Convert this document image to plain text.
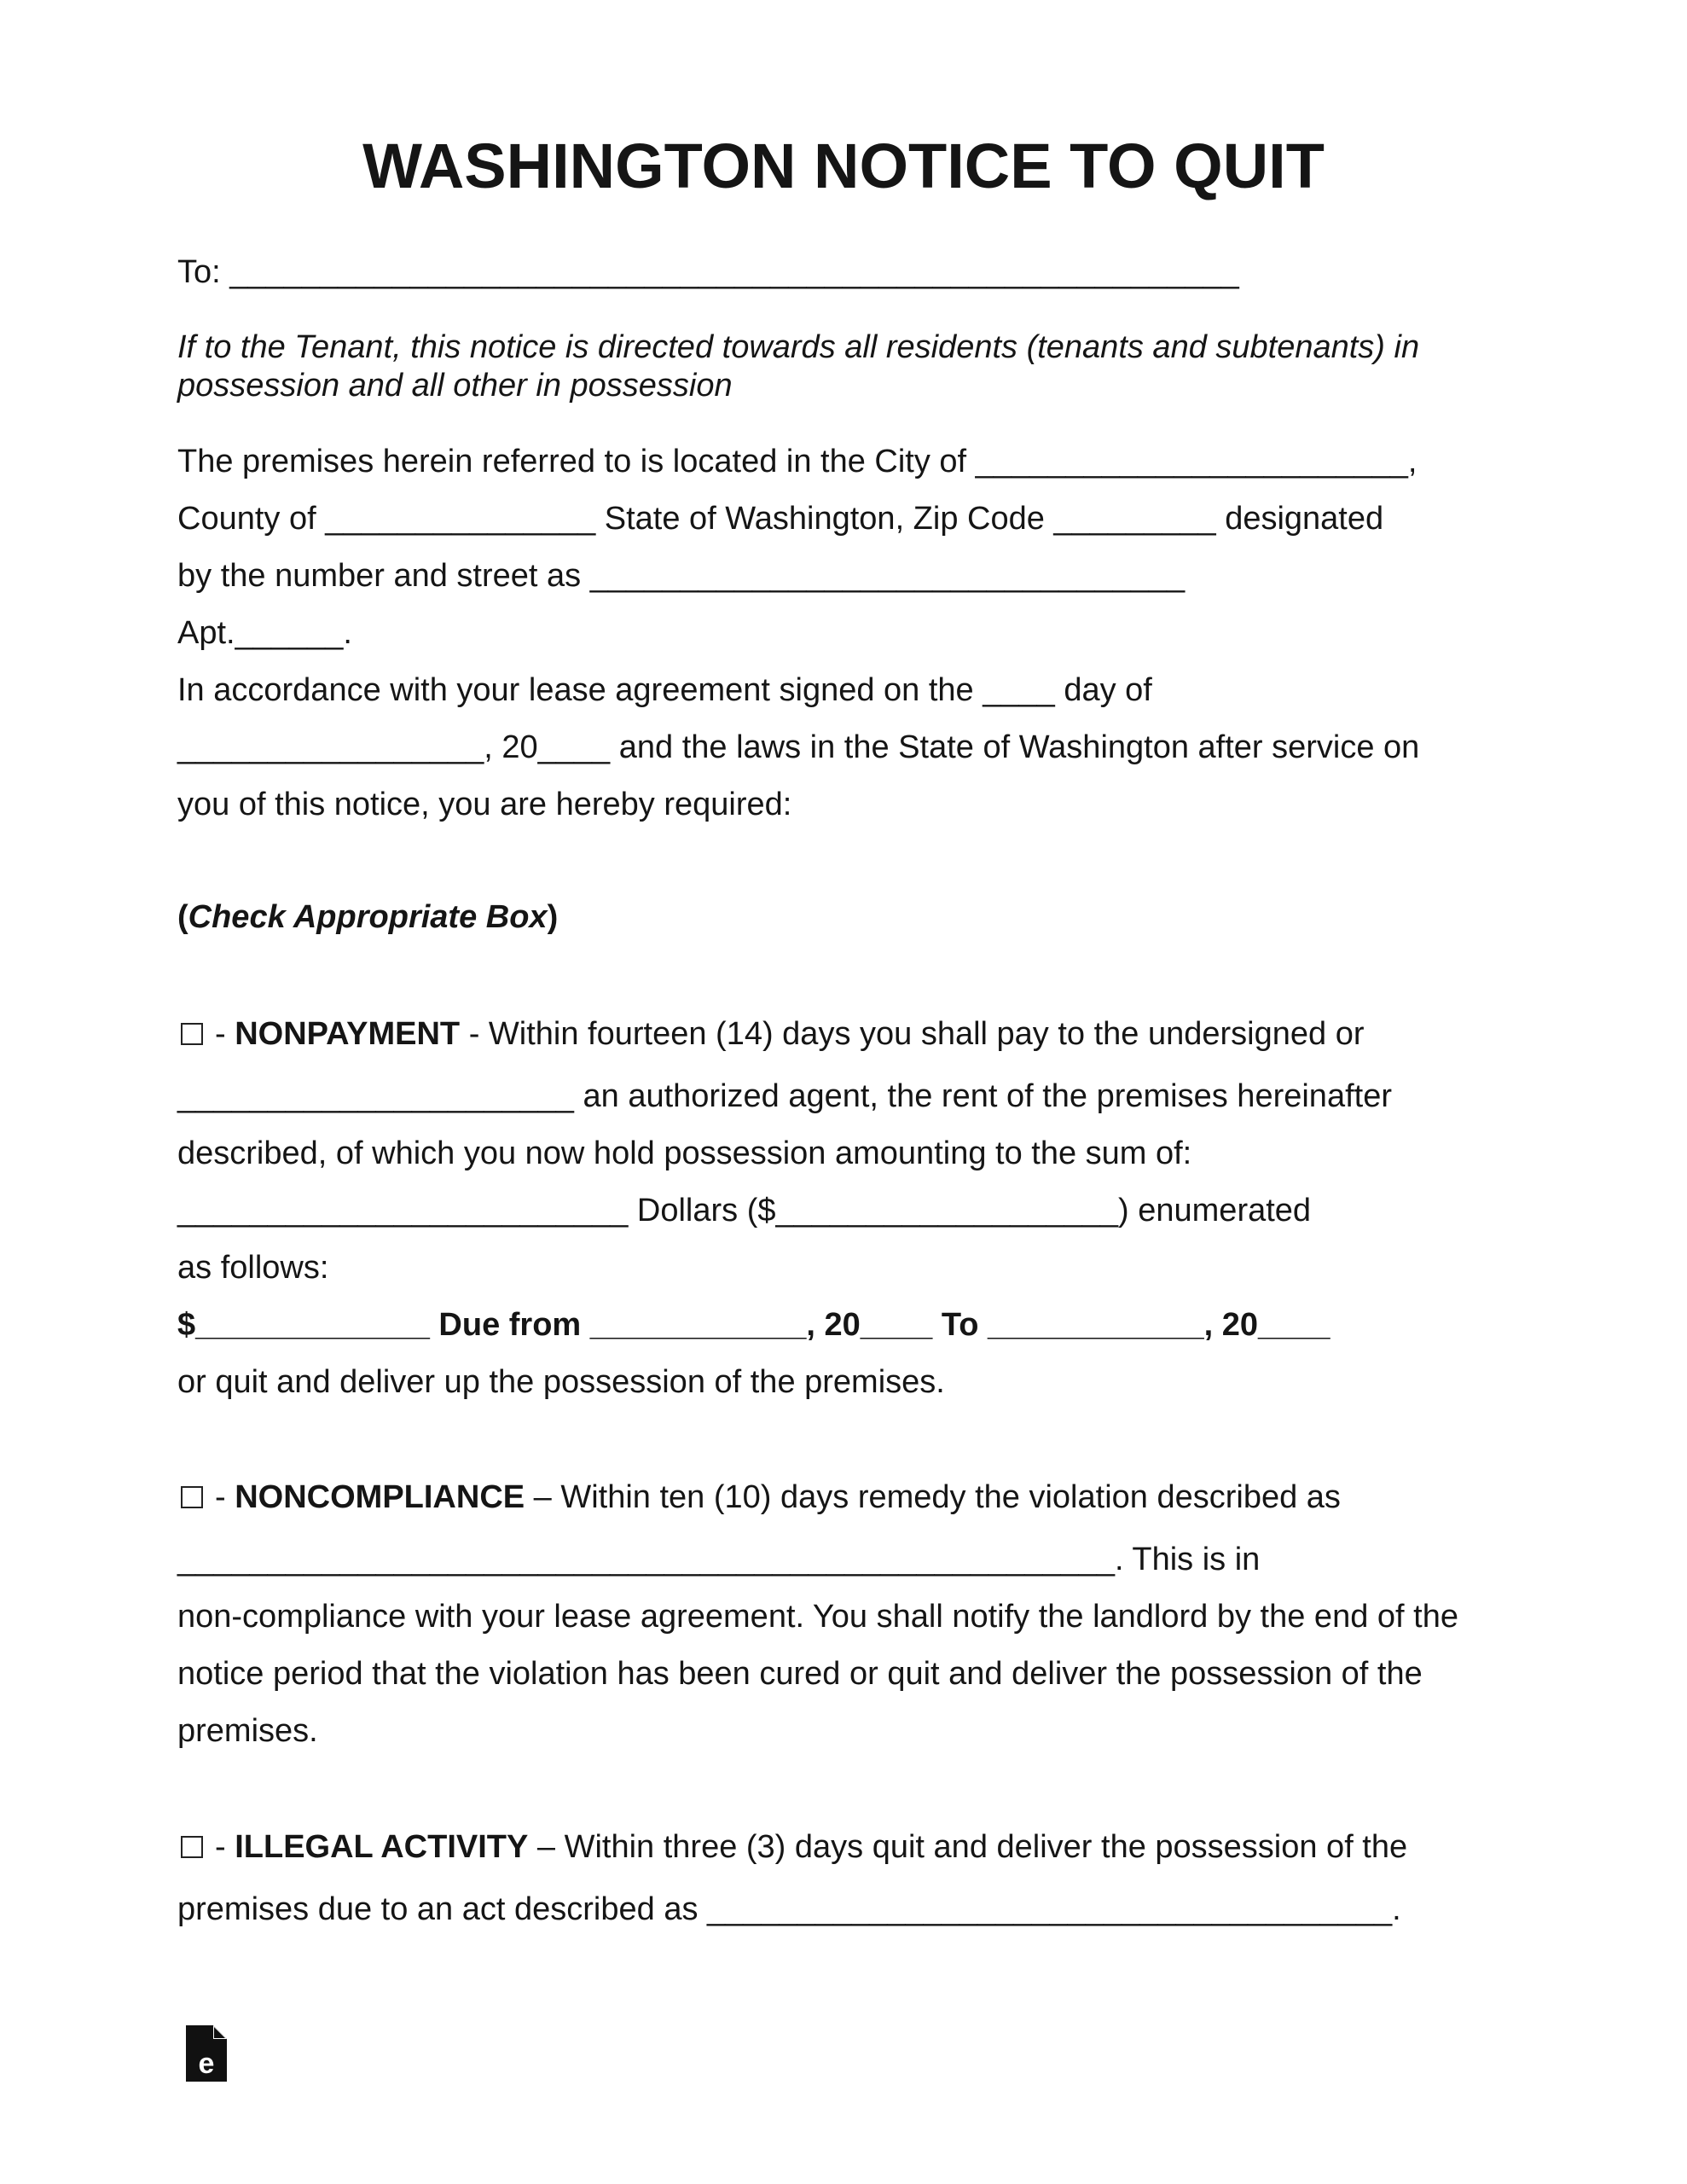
WASHINGTON NOTICE TO QUIT

To: ________________________________________________________

If to the Tenant, this notice is directed towards all residents (tenants and subtenants) in

possession and all other in possession

The premises herein referred to is located in the City of ________________________,

County of _______________ State of Washington, Zip Code _________ designated

by the number and street as _________________________________

Apt.______.

In accordance with your lease agreement signed on the ____ day of

_________________, 20____ and the laws in the State of Washington after service on

you of this notice, you are hereby required:

(Check Appropriate Box)

- NONPAYMENT - Within fourteen (14) days you shall pay to the undersigned or

______________________ an authorized agent, the rent of the premises hereinafter

described, of which you now hold possession amounting to the sum of:

_________________________ Dollars ($___________________) enumerated

as follows:

$_____________ Due from ____________, 20____ To ____________, 20____

or quit and deliver up the possession of the premises.

- NONCOMPLIANCE – Within ten (10) days remedy the violation described as

____________________________________________________. This is in

non-compliance with your lease agreement. You shall notify the landlord by the end of the

notice period that the violation has been cured or quit and deliver the possession of the

premises.

- ILLEGAL ACTIVITY – Within three (3) days quit and deliver the possession of the

premises due to an act described as ______________________________________.

e
